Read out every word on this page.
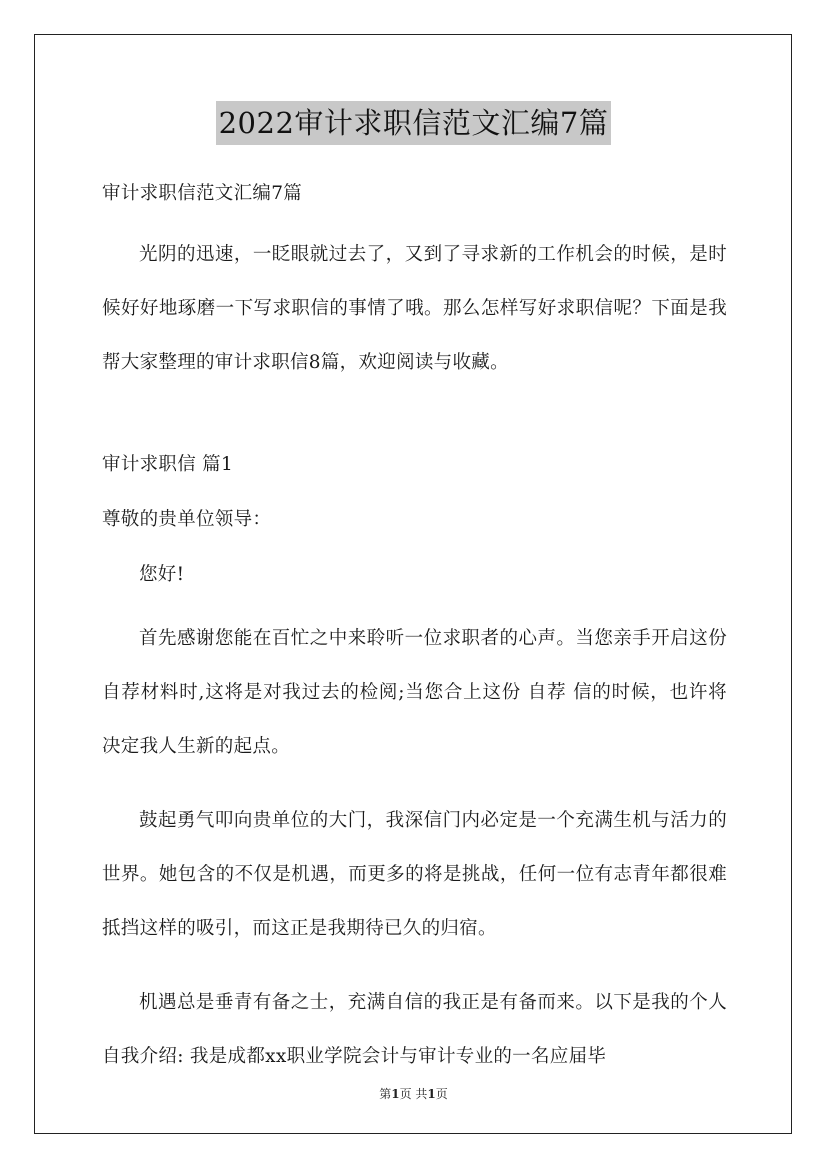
2022审计求职信范文汇编7篇

审计求职信范文汇编7篇

光阴的迅速，一眨眼就过去了，又到了寻求新的工作机会的时候，是时候好好地琢磨一下写求职信的事情了哦。那么怎样写好求职信呢？下面是我帮大家整理的审计求职信8篇，欢迎阅读与收藏。

审计求职信 篇1

尊敬的贵单位领导：

您好!

首先感谢您能在百忙之中来聆听一位求职者的心声。当您亲手开启这份自荐材料时,这将是对我过去的检阅;当您合上这份 自荐 信的时候，也许将决定我人生新的起点。

鼓起勇气叩向贵单位的大门，我深信门内必定是一个充满生机与活力的世界。她包含的不仅是机遇，而更多的将是挑战，任何一位有志青年都很难抵挡这样的吸引，而这正是我期待已久的归宿。

机遇总是垂青有备之士，充满自信的我正是有备而来。以下是我的个人自我介绍: 我是成都xx职业学院会计与审计专业的一名应届毕

第1页 共1页
